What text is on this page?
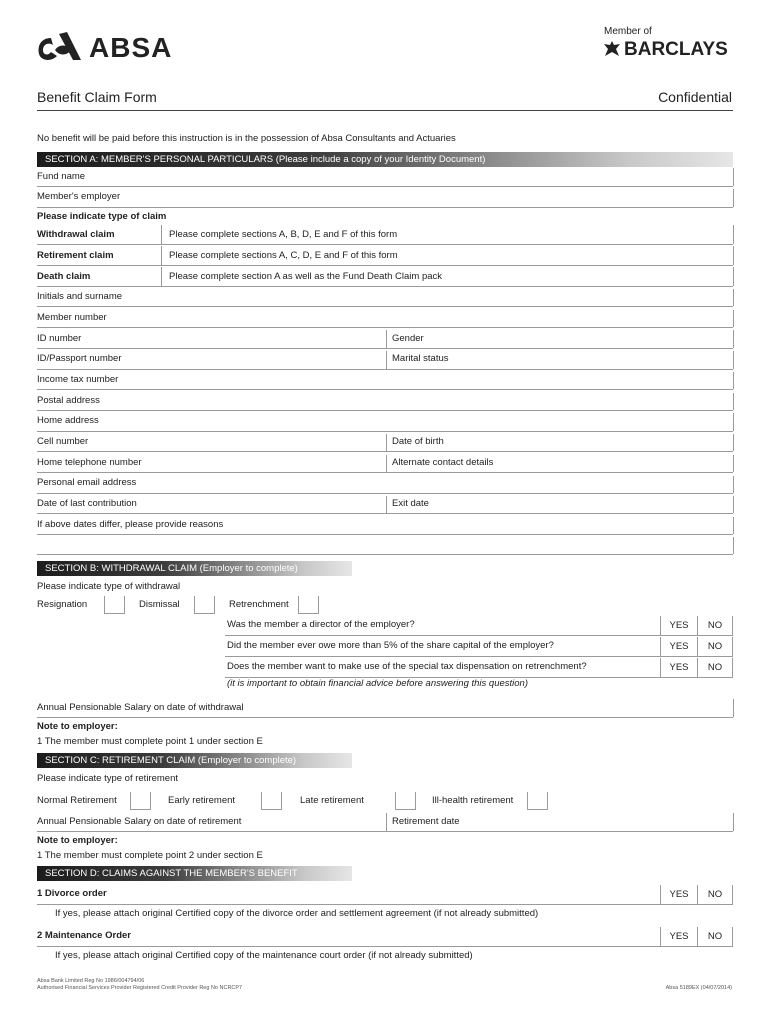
ABSA
Member of
BARCLAYS
Benefit Claim Form	Confidential
No benefit will be paid before this instruction is in the possession of Absa Consultants and Actuaries
SECTION A: MEMBER'S PERSONAL PARTICULARS (Please include a copy of your Identity Document)
Fund name
Member's employer
Please indicate type of claim
Withdrawal claim	Please complete sections A, B, D, E and F of this form
Retirement claim	Please complete sections A, C, D, E and F of this form
Death claim	Please complete section A as well as the Fund Death Claim pack
Initials and surname
Member number
ID number	Gender
ID/Passport number	Marital status
Income tax number
Postal address
Home address
Cell number	Date of birth
Home telephone number	Alternate contact details
Personal email address
Date of last contribution	Exit date
If above dates differ, please provide reasons
SECTION B: WITHDRAWAL CLAIM (Employer to complete)
Please indicate type of withdrawal
Resignation	Dismissal	Retrenchment
Was the member a director of the employer?	YES	NO
Did the member ever owe more than 5% of the share capital of the employer?	YES	NO
Does the member want to make use of the special tax dispensation on retrenchment?	YES	NO
(it is important to obtain financial advice before answering this question)
Annual Pensionable Salary on date of withdrawal
Note to employer:
1 The member must complete point 1 under section E
SECTION C: RETIREMENT CLAIM (Employer to complete)
Please indicate type of retirement
Normal Retirement	Early retirement	Late retirement	Ill-health retirement
Annual Pensionable Salary on date of retirement	Retirement date
Note to employer:
1 The member must complete point 2 under section E
SECTION D: CLAIMS AGAINST THE MEMBER'S BENEFIT
1 Divorce order	YES	NO
If yes, please attach original Certified copy of the divorce order and settlement agreement (if not already submitted)
2 Maintenance Order	YES	NO
If yes, please attach original Certified copy of the maintenance court order (if not already submitted)
Absa Bank Limited Reg No 1986/004794/06
Authorised Financial Services Provider Registered Credit Provider Reg No NCRCP7	Absa 5189EX (04/07/2014)
